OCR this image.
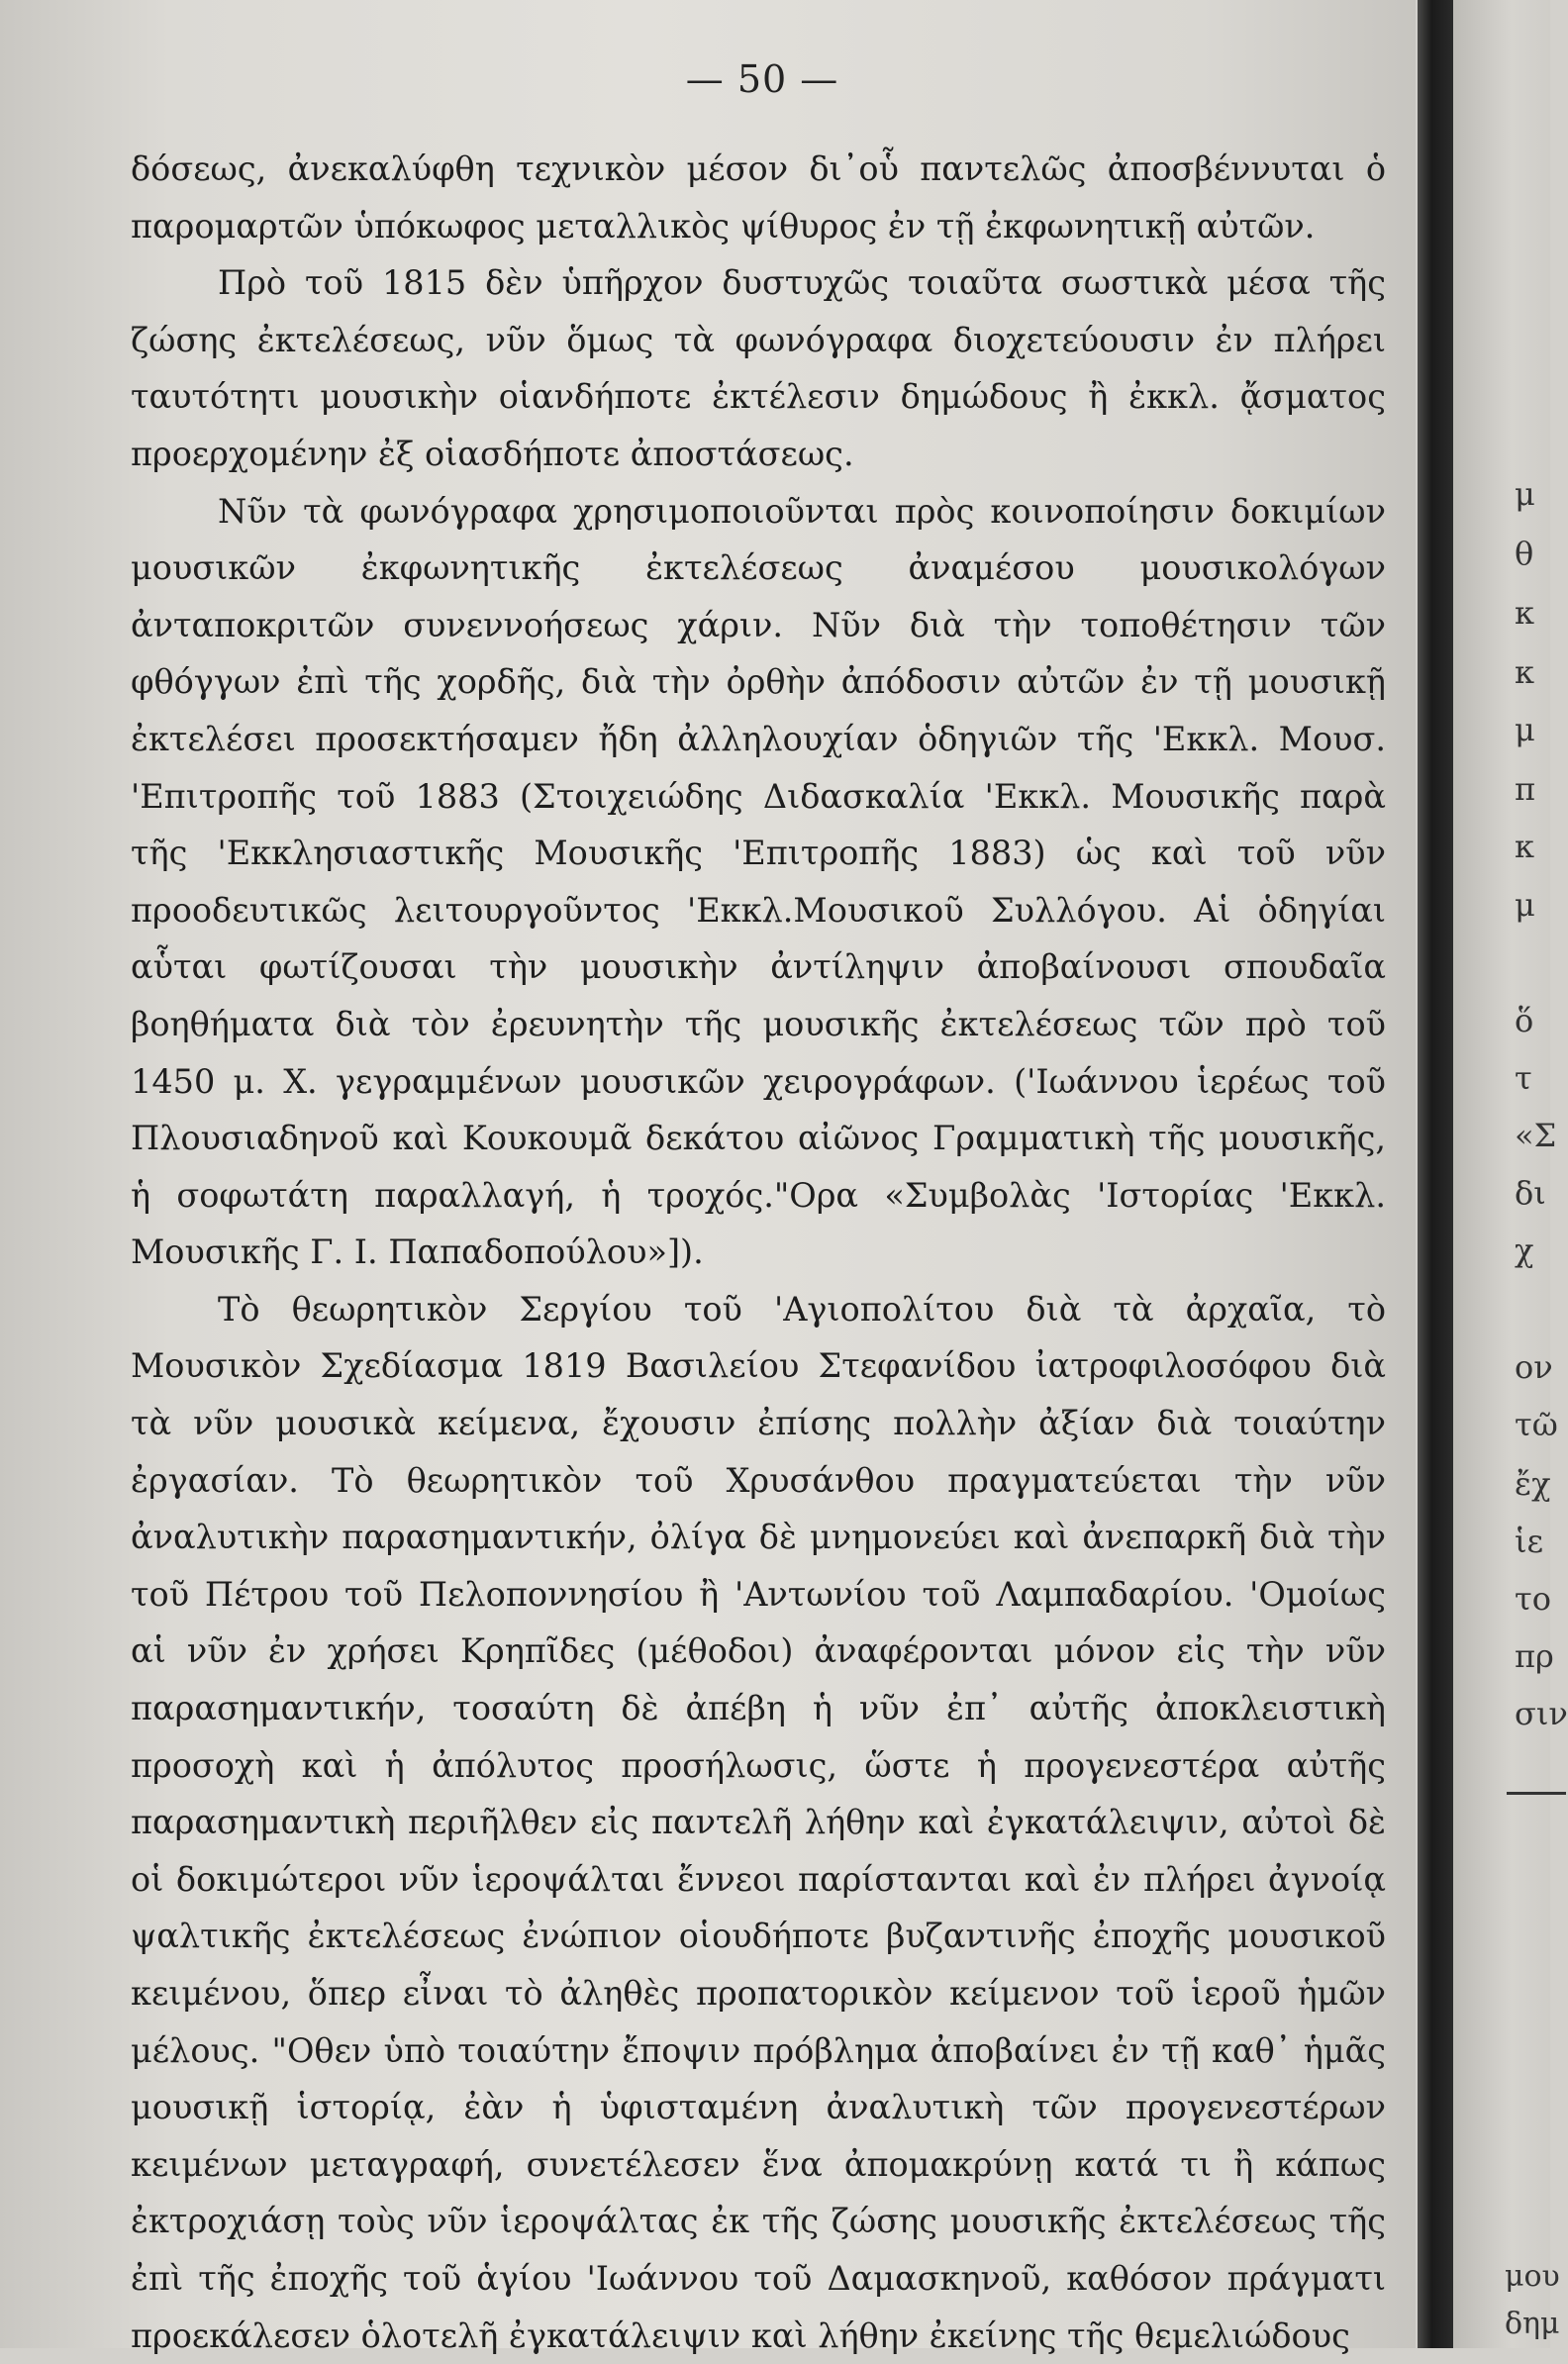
— 50 —

δόσεως, ἀνεκαλύφθη τεχνικὸν μέσον δι᾿οὗ παντελῶς ἀποσβέννυται ὁ παρομαρτῶν ὑπόκωφος μεταλλικὸς ψίθυρος ἐν τῇ ἐκφωνητικῇ αὐτῶν.

Πρὸ τοῦ 1815 δὲν ὑπῆρχον δυστυχῶς τοιαῦτα σωστικὰ μέσα τῆς ζώσης ἐκτελέσεως, νῦν ὅμως τὰ φωνόγραφα διοχετεύουσιν ἐν πλήρει ταυτότητι μουσικὴν οἱανδήποτε ἐκτέλεσιν δημώδους ἢ ἐκκλ. ᾄσματος προερχομένην ἐξ οἱασδήποτε ἀποστάσεως.

Νῦν τὰ φωνόγραφα χρησιμοποιοῦνται πρὸς κοινοποίησιν δοκιμίων μουσικῶν ἐκφωνητικῆς ἐκτελέσεως ἀναμέσου μουσικολόγων ἀνταποκριτῶν συνεννοήσεως χάριν. Νῦν διὰ τὴν τοποθέτησιν τῶν φθόγγων ἐπὶ τῆς χορδῆς, διὰ τὴν ὀρθὴν ἀπόδοσιν αὐτῶν ἐν τῇ μουσικῇ ἐκτελέσει προσεκτήσαμεν ἤδη ἀλληλουχίαν ὁδηγιῶν τῆς 'Εκκλ. Μουσ. 'Επιτροπῆς τοῦ 1883 (Στοιχειώδης Διδασκαλία 'Εκκλ. Μουσικῆς παρὰ τῆς 'Εκκλησιαστικῆς Μουσικῆς 'Επιτροπῆς 1883) ὡς καὶ τοῦ νῦν προοδευτικῶς λειτουργοῦντος 'Εκκλ.Μουσικοῦ Συλλόγου. Αἱ ὁδηγίαι αὗται φωτίζουσαι τὴν μουσικὴν ἀντίληψιν ἀποβαίνουσι σπουδαῖα βοηθήματα διὰ τὸν ἐρευνητὴν τῆς μουσικῆς ἐκτελέσεως τῶν πρὸ τοῦ 1450 μ. Χ. γεγραμμένων μουσικῶν χειρογράφων. ('Ιωάννου ἱερέως τοῦ Πλουσιαδηνοῦ καὶ Κουκουμᾶ δεκάτου αἰῶνος Γραμματικὴ τῆς μουσικῆς, ἡ σοφωτάτη παραλλαγή, ἡ τροχός."Ορα «Συμβολὰς 'Ιστορίας 'Εκκλ. Μουσικῆς Γ. Ι. Παπαδοπούλου»]).

Τὸ θεωρητικὸν Σεργίου τοῦ 'Αγιοπολίτου διὰ τὰ ἀρχαῖα, τὸ Μουσικὸν Σχεδίασμα 1819 Βασιλείου Στεφανίδου ἰατροφιλοσόφου διὰ τὰ νῦν μουσικὰ κείμενα, ἔχουσιν ἐπίσης πολλὴν ἀξίαν διὰ τοιαύτην ἐργασίαν. Τὸ θεωρητικὸν τοῦ Χρυσάνθου πραγματεύεται τὴν νῦν ἀναλυτικὴν παρασημαντικήν, ὀλίγα δὲ μνημονεύει καὶ ἀνεπαρκῆ διὰ τὴν τοῦ Πέτρου τοῦ Πελοποννησίου ἢ 'Αντωνίου τοῦ Λαμπαδαρίου. 'Ομοίως αἱ νῦν ἐν χρήσει Κρηπῖδες (μέθοδοι) ἀναφέρονται μόνον εἰς τὴν νῦν παρασημαντικήν, τοσαύτη δὲ ἀπέβη ἡ νῦν ἐπ᾿ αὐτῆς ἀποκλειστικὴ προσοχὴ καὶ ἡ ἀπόλυτος προσήλωσις, ὥστε ἡ προγενεστέρα αὐτῆς παρασημαντικὴ περιῆλθεν εἰς παντελῆ λήθην καὶ ἐγκατάλειψιν, αὐτοὶ δὲ οἱ δοκιμώτεροι νῦν ἱεροψάλται ἔννεοι παρίστανται καὶ ἐν πλήρει ἀγνοίᾳ ψαλτικῆς ἐκτελέσεως ἐνώπιον οἱουδήποτε βυζαντινῆς ἐποχῆς μουσικοῦ κειμένου, ὅπερ εἶναι τὸ ἀληθὲς προπατορικὸν κείμενον τοῦ ἱεροῦ ἡμῶν μέλους. "Οθεν ὑπὸ τοιαύτην ἔποψιν πρόβλημα ἀποβαίνει ἐν τῇ καθ᾿ ἡμᾶς μουσικῇ ἱστορίᾳ, ἐὰν ἡ ὑφισταμένη ἀναλυτικὴ τῶν προγενεστέρων κειμένων μεταγραφή, συνετέλεσεν ἕνα ἀπομακρύνῃ κατά τι ἢ κάπως ἐκτροχιάσῃ τοὺς νῦν ἱεροψάλτας ἐκ τῆς ζώσης μουσικῆς ἐκτελέσεως τῆς ἐπὶ τῆς ἐποχῆς τοῦ ἁγίου 'Ιωάννου τοῦ Δαμασκηνοῦ, καθόσον πράγματι προεκάλεσεν ὁλοτελῆ ἐγκατάλειψιν καὶ λήθην ἐκείνης τῆς θεμελιώδους

μ
θ
κ
κ
μ
π
κ
μ
ὅ
τ
«Σ
δι
χ
ον
τῶ
ἔχ
ἱε
το
πρ
σιν
μου
δημ
